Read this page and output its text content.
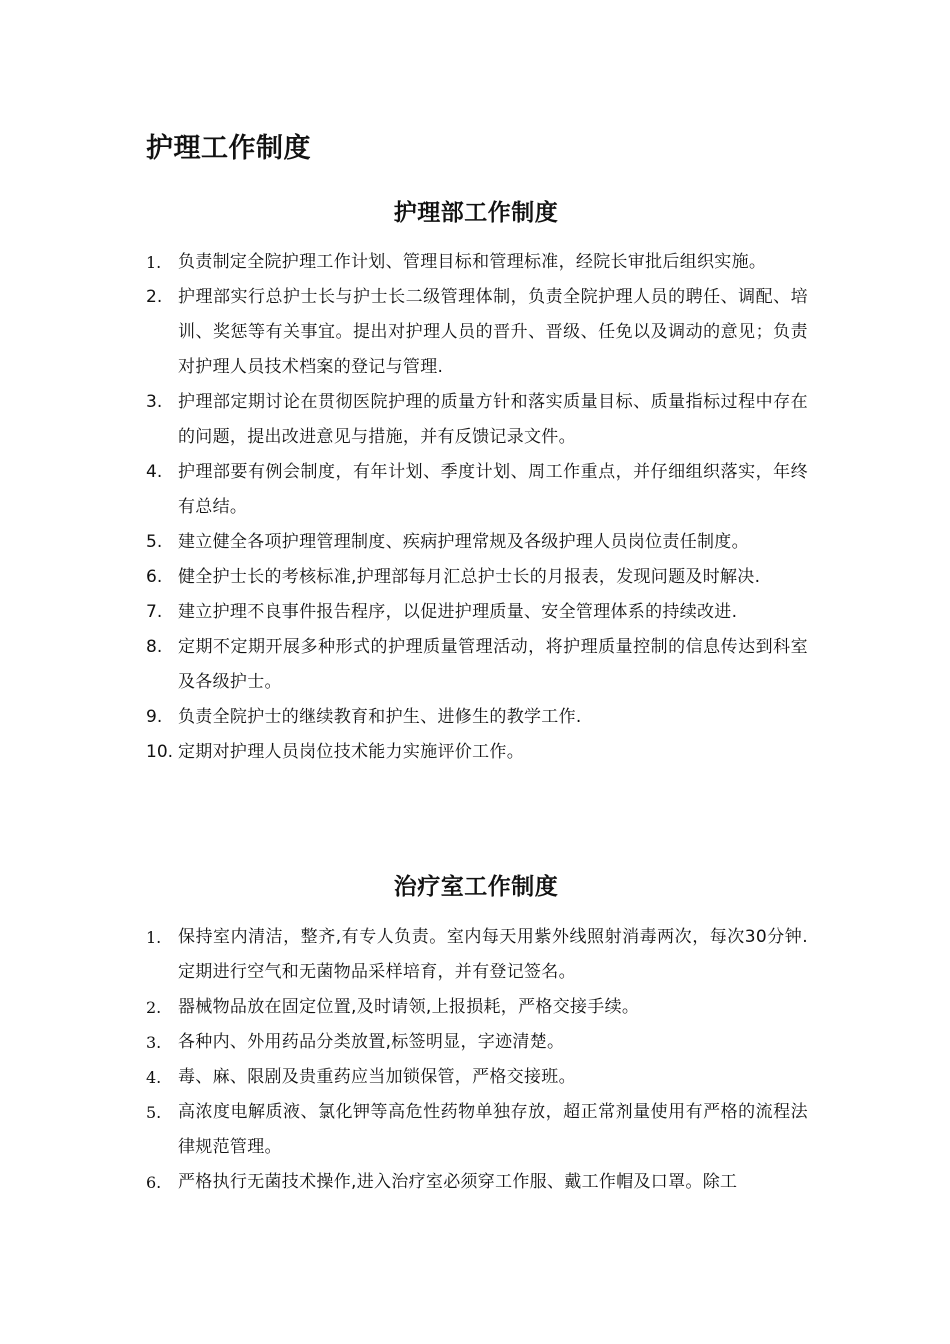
护理工作制度
护理部工作制度
1. 负责制定全院护理工作计划、管理目标和管理标准，经院长审批后组织实施。
2. 护理部实行总护士长与护士长二级管理体制，负责全院护理人员的聘任、调配、培训、奖惩等有关事宜。提出对护理人员的晋升、晋级、任免以及调动的意见；负责对护理人员技术档案的登记与管理.
3. 护理部定期讨论在贯彻医院护理的质量方针和落实质量目标、质量指标过程中存在的问题，提出改进意见与措施，并有反馈记录文件。
4. 护理部要有例会制度，有年计划、季度计划、周工作重点，并仔细组织落实，年终有总结。
5. 建立健全各项护理管理制度、疾病护理常规及各级护理人员岗位责任制度。
6. 健全护士长的考核标准,护理部每月汇总护士长的月报表，发现问题及时解决.
7. 建立护理不良事件报告程序，以促进护理质量、安全管理体系的持续改进.
8. 定期不定期开展多种形式的护理质量管理活动，将护理质量控制的信息传达到科室及各级护士。
9. 负责全院护士的继续教育和护生、进修生的教学工作.
10. 定期对护理人员岗位技术能力实施评价工作。
治疗室工作制度
1. 保持室内清洁，整齐,有专人负责。室内每天用紫外线照射消毒两次，每次30分钟.定期进行空气和无菌物品采样培育，并有登记签名。
2. 器械物品放在固定位置,及时请领,上报损耗，严格交接手续。
3. 各种内、外用药品分类放置,标签明显，字迹清楚。
4. 毒、麻、限剧及贵重药应当加锁保管，严格交接班。
5. 高浓度电解质液、氯化钾等高危性药物单独存放，超正常剂量使用有严格的流程法律规范管理。
6. 严格执行无菌技术操作,进入治疗室必须穿工作服、戴工作帽及口罩。除工
